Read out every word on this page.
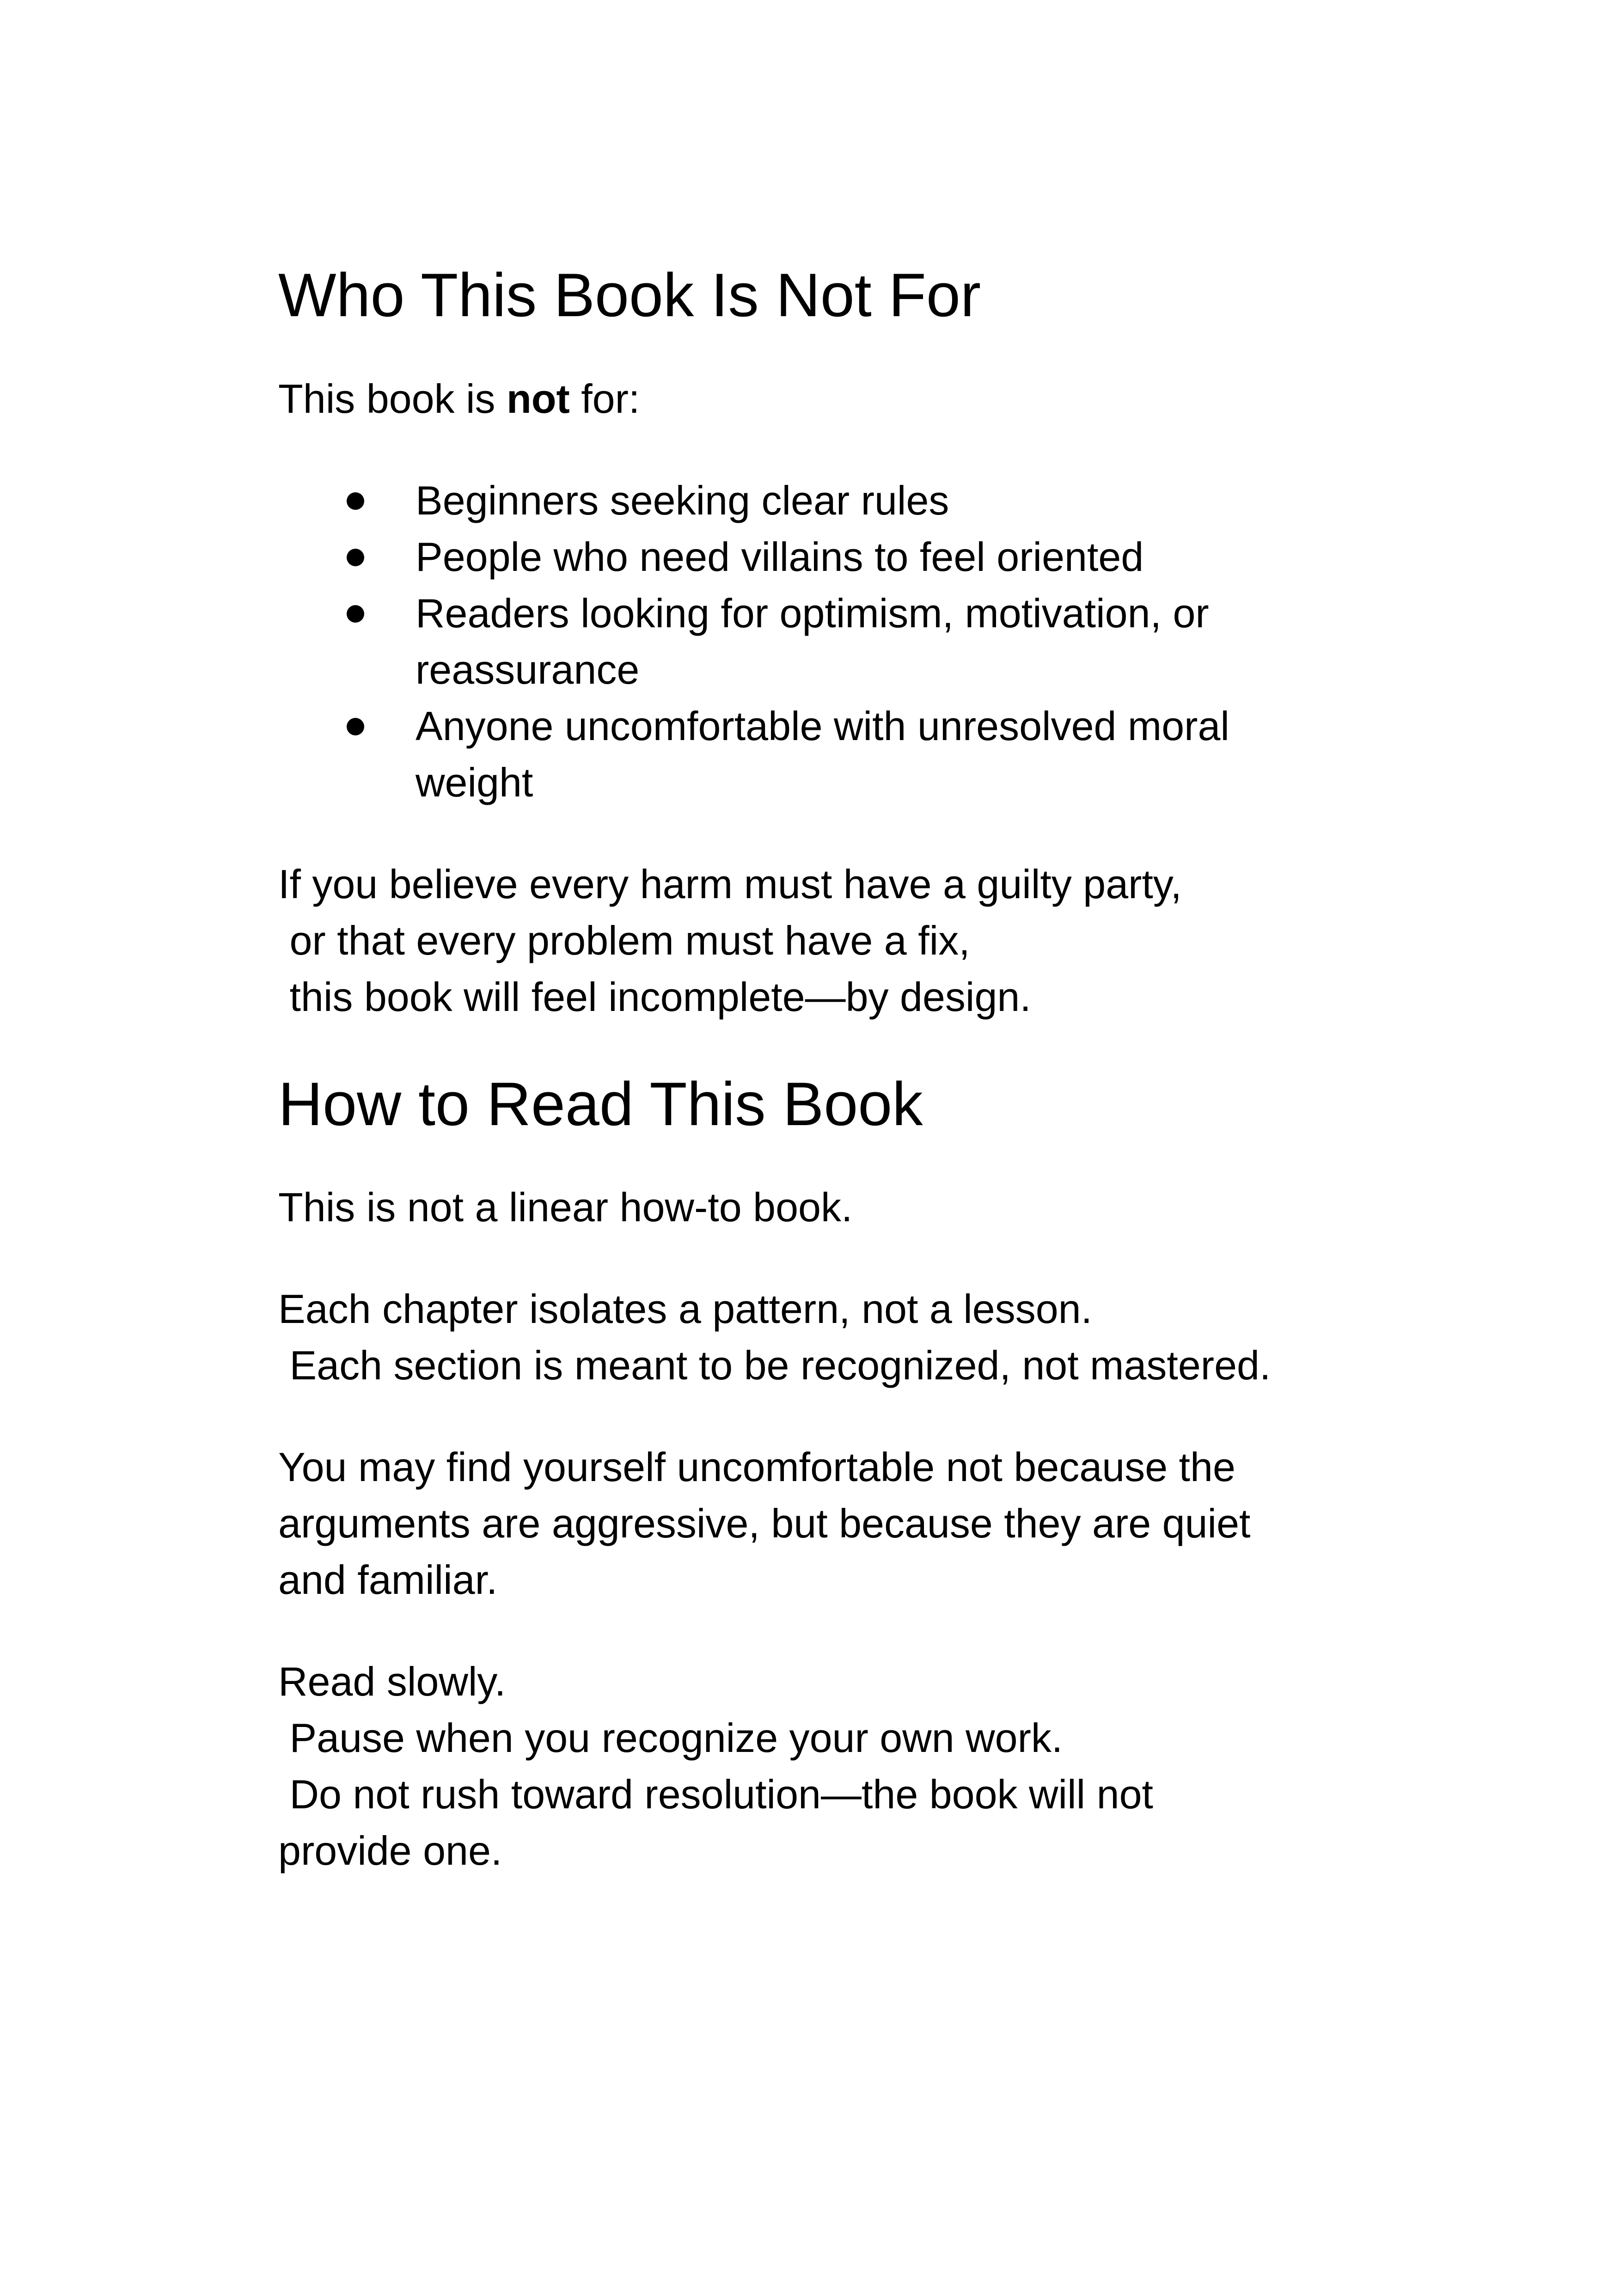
Who This Book Is Not For

This book is not for:

Beginners seeking clear rules
People who need villains to feel oriented
Readers looking for optimism, motivation, or reassurance
Anyone uncomfortable with unresolved moral weight

If you believe every harm must have a guilty party,
or that every problem must have a fix,
this book will feel incomplete—by design.

How to Read This Book

This is not a linear how-to book.

Each chapter isolates a pattern, not a lesson.
Each section is meant to be recognized, not mastered.

You may find yourself uncomfortable not because the
arguments are aggressive, but because they are quiet
and familiar.

Read slowly.
Pause when you recognize your own work.
Do not rush toward resolution—the book will not
provide one.
